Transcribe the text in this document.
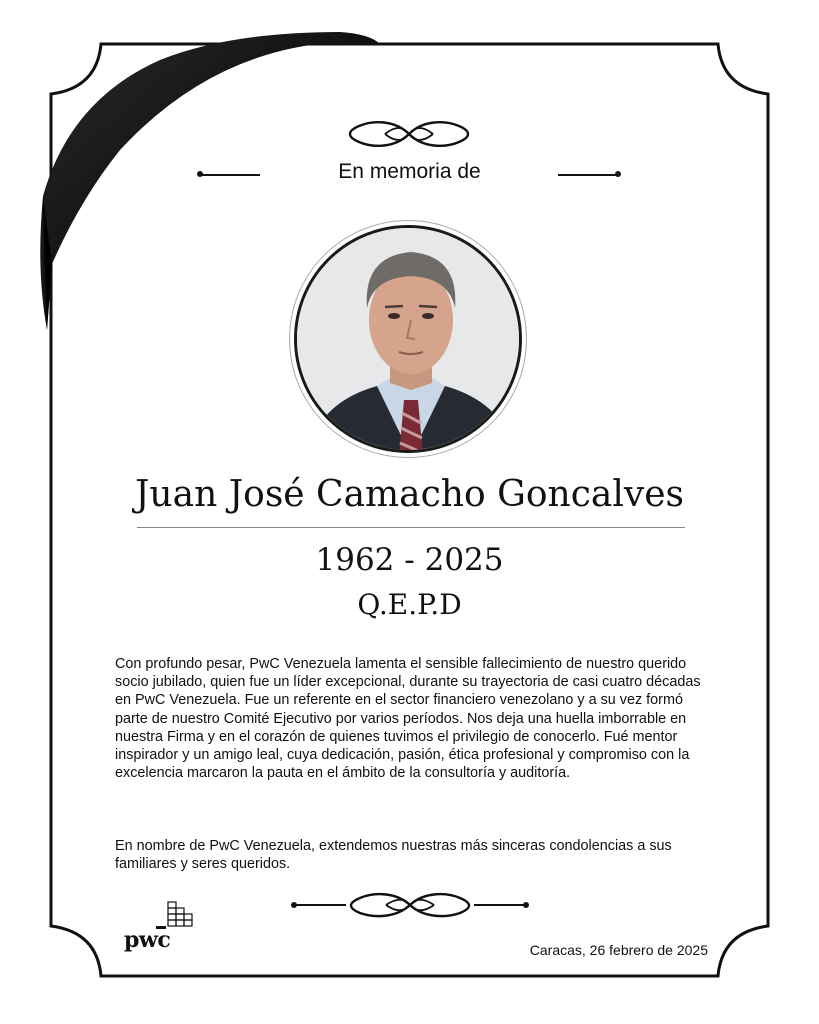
En memoria de
Juan José Camacho Goncalves
1962 - 2025
Q.E.P.D

Con profundo pesar, PwC Venezuela lamenta el sensible fallecimiento de nuestro querido socio jubilado, quien fue un líder excepcional, durante su trayectoria de casi cuatro décadas en PwC Venezuela. Fue un referente en el sector financiero venezolano y a su vez formó parte de nuestro Comité Ejecutivo por varios períodos. Nos deja una huella imborrable en nuestra Firma y en el corazón de quienes tuvimos el privilegio de conocerlo. Fué mentor inspirador y un amigo leal, cuya dedicación, pasión, ética profesional y compromiso con la excelencia marcaron la pauta en el ámbito de la consultoría y auditoría.

En nombre de PwC Venezuela, extendemos nuestras más sinceras condolencias a sus familiares y seres queridos.

pwc	Caracas, 26 febrero de 2025
